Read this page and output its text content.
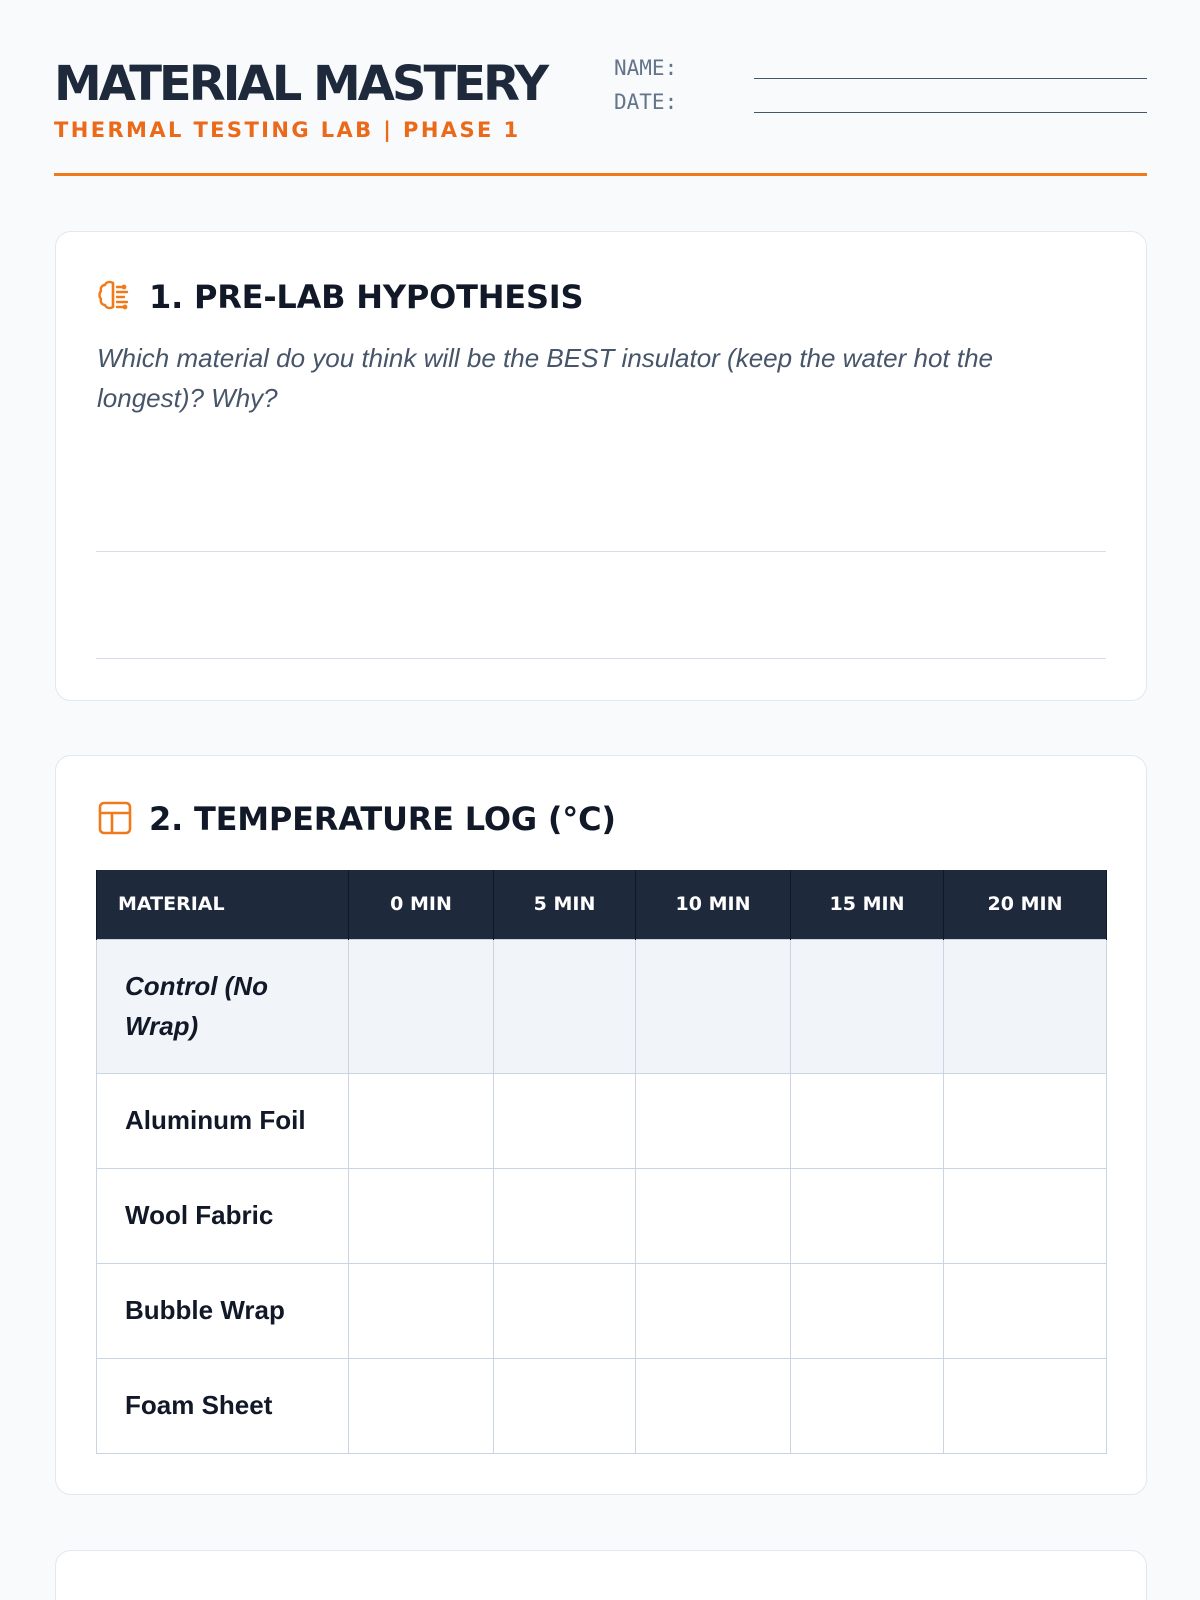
MATERIAL MASTERY
THERMAL TESTING LAB | PHASE 1
NAME:
DATE:
1. PRE-LAB HYPOTHESIS

Which material do you think will be the BEST insulator (keep the water hot the longest)? Why?

2. TEMPERATURE LOG (°C)
MATERIAL	0 MIN	5 MIN	10 MIN	15 MIN	20 MIN
Control (No Wrap)					
Aluminum Foil					
Wool Fabric					
Bubble Wrap					
Foam Sheet					
